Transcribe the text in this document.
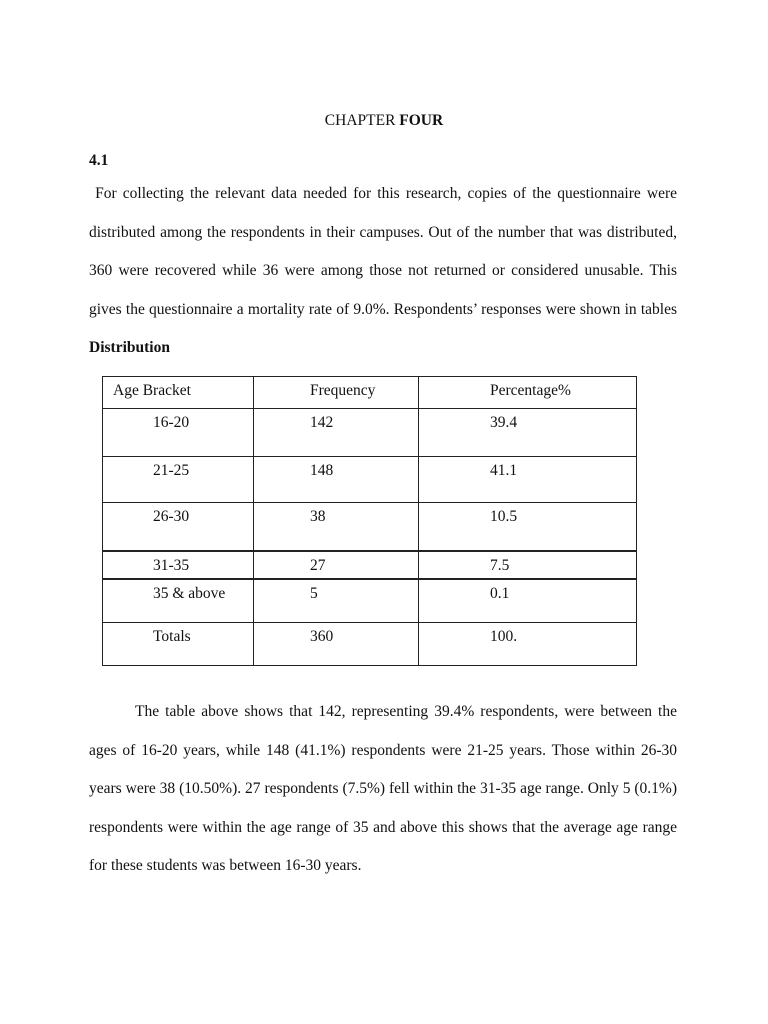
CHAPTER FOUR
4.1

For collecting the relevant data needed for this research, copies of the questionnaire were distributed among the respondents in their campuses. Out of the number that was distributed, 360 were recovered while 36 were among those not returned or considered unusable. This gives the questionnaire a mortality rate of 9.0%. Respondents’ responses were shown in tables Distribution

Age Bracket	Frequency	Percentage%
16-20	142	39.4
21-25	148	41.1
26-30	38	10.5
31-35	27	7.5
35 & above	5	0.1
Totals	360	100.

The table above shows that 142, representing 39.4% respondents, were between the ages of 16-20 years, while 148 (41.1%) respondents were 21-25 years. Those within 26-30 years were 38 (10.50%). 27 respondents (7.5%) fell within the 31-35 age range. Only 5 (0.1%) respondents were within the age range of 35 and above this shows that the average age range for these students was between 16-30 years.
